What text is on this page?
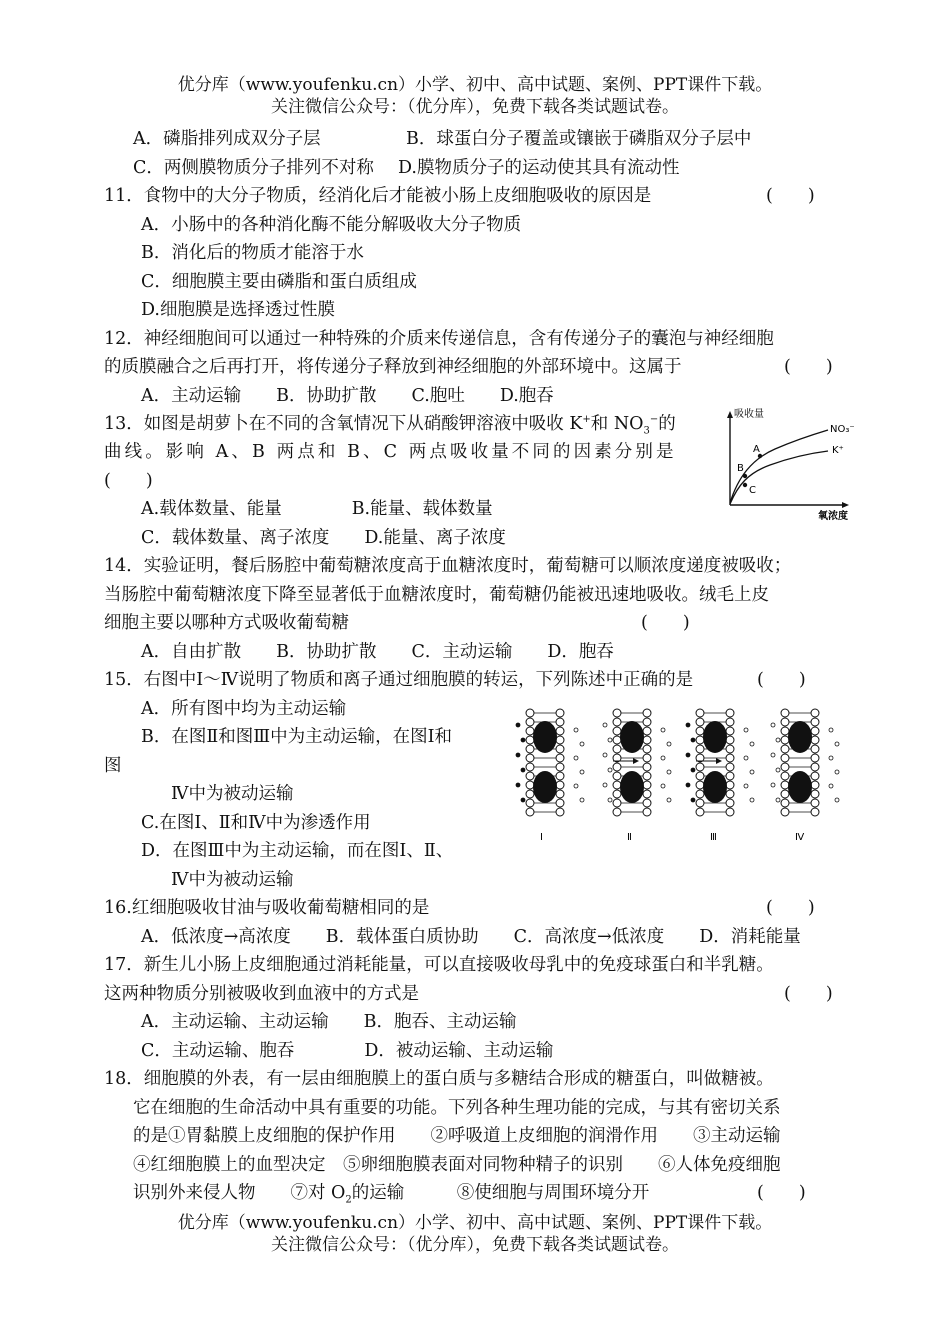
优分库（www.youfenku.cn）小学、初中、高中试题、案例、PPT课件下载。
关注微信公众号：（优分库），免费下载各类试题试卷。
A．磷脂排列成双分子层	B．球蛋白分子覆盖或镶嵌于磷脂双分子层中
C．两侧膜物质分子排列不对称 D.膜物质分子的运动使其具有流动性
11．食物中的大分子物质，经消化后才能被小肠上皮细胞吸收的原因是	(　　)
A．小肠中的各种消化酶不能分解吸收大分子物质
B．消化后的物质才能溶于水
C．细胞膜主要由磷脂和蛋白质组成
D.细胞膜是选择透过性膜
12．神经细胞间可以通过一种特殊的介质来传递信息，含有传递分子的囊泡与神经细胞
的质膜融合之后再打开，将传递分子释放到神经细胞的外部环境中。这属于	(　　)
A．主动运输　　B．协助扩散　　C.胞吐　　D.胞吞
13．如图是胡萝卜在不同的含氧情况下从硝酸钾溶液中吸收 K+和 $NO_3^-$的
曲线。影响 A、B 两点和 B、C 两点吸收量不同的因素分别是
(　　)
A.载体数量、能量　　　　B.能量、载体数量
C．载体数量、离子浓度　　D.能量、离子浓度
吸收量
氧浓度
NO₃⁻
K⁺
A
B
C
14．实验证明，餐后肠腔中葡萄糖浓度高于血糖浓度时，葡萄糖可以顺浓度递度被吸收；
当肠腔中葡萄糖浓度下降至显著低于血糖浓度时，葡萄糖仍能被迅速地吸收。绒毛上皮
细胞主要以哪种方式吸收葡萄糖	(　　)
A．自由扩散　　B．协助扩散　　C．主动运输　　D．胞吞
15．右图中Ⅰ～Ⅳ说明了物质和离子通过细胞膜的转运，下列陈述中正确的是	(　　)
A．所有图中均为主动运输
B．在图Ⅱ和图Ⅲ中为主动运输，在图Ⅰ和
图
Ⅳ中为被动运输
C.在图Ⅰ、Ⅱ和Ⅳ中为渗透作用
D．在图Ⅲ中为主动运输，而在图Ⅰ、Ⅱ、
Ⅳ中为被动运输
Ⅰ	Ⅱ	Ⅲ	Ⅳ
16.红细胞吸收甘油与吸收葡萄糖相同的是	(　　)
A．低浓度→高浓度　　B．载体蛋白质协助　　C．高浓度→低浓度　　D．消耗能量
17．新生儿小肠上皮细胞通过消耗能量，可以直接吸收母乳中的免疫球蛋白和半乳糖。
这两种物质分别被吸收到血液中的方式是	(　　)
A．主动运输、主动运输　　B．胞吞、主动运输
C．主动运输、胞吞　　　　D．被动运输、主动运输
18．细胞膜的外表，有一层由细胞膜上的蛋白质与多糖结合形成的糖蛋白，叫做糖被。
它在细胞的生命活动中具有重要的功能。下列各种生理功能的完成，与其有密切关系
的是①胃黏膜上皮细胞的保护作用　　②呼吸道上皮细胞的润滑作用　　③主动运输
④红细胞膜上的血型决定　⑤卵细胞膜表面对同物种精子的识别　　⑥人体免疫细胞
识别外来侵人物　　⑦对 $O_2$的运输　　　⑧使细胞与周围环境分开	(　　)
优分库（www.youfenku.cn）小学、初中、高中试题、案例、PPT课件下载。
关注微信公众号：（优分库），免费下载各类试题试卷。
